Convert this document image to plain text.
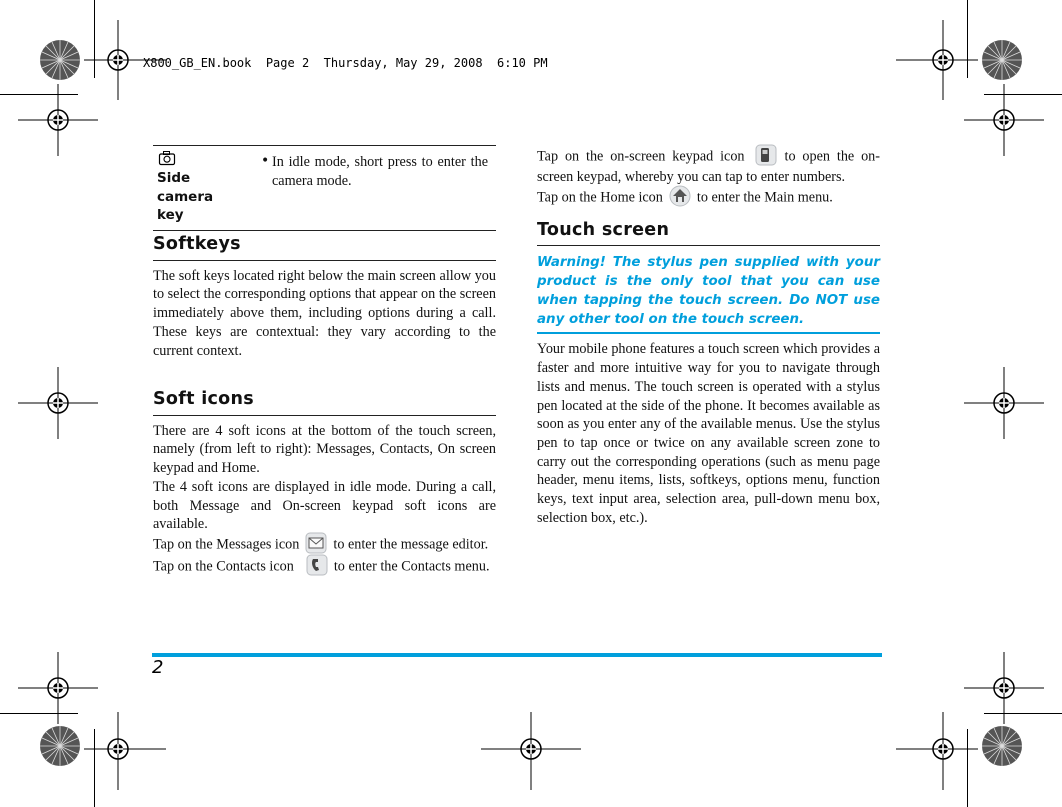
X800_GB_EN.book  Page 2  Thursday, May 29, 2008  6:10 PM
Side
camera
key
• In idle mode, short press to enter the camera mode.
Softkeys

The soft keys located right below the main screen allow you to select the corresponding options that appear on the screen immediately above them, including options during a call. These keys are contextual: they vary according to the current context.

Soft icons

There are 4 soft icons at the bottom of the touch screen, namely (from left to right): Messages, Contacts, On screen keypad and Home.

The 4 soft icons are displayed in idle mode. During a call, both Message and On-screen keypad soft icons are available.

Tap on the Messages icon to enter the message editor.

Tap on the Contacts icon	to enter the Contacts menu.

Tap on the on-screen keypad icon	to open the on-screen keypad, whereby you can tap to enter numbers.

Tap on the Home icon to enter the Main menu.

Touch screen
Warning! The stylus pen supplied with your product is the only tool that you can use when tapping the touch screen. Do NOT use any other tool on the touch screen.

Your mobile phone features a touch screen which provides a faster and more intuitive way for you to navigate through lists and menus. The touch screen is operated with a stylus pen located at the side of the phone. It becomes available as soon as you enter any of the available menus. Use the stylus pen to tap once or twice on any available screen zone to carry out the corresponding operations (such as menu page header, menu items, lists, softkeys, options menu, function keys, text input area, selection area, pull-down menu box, selection box, etc.).

2
